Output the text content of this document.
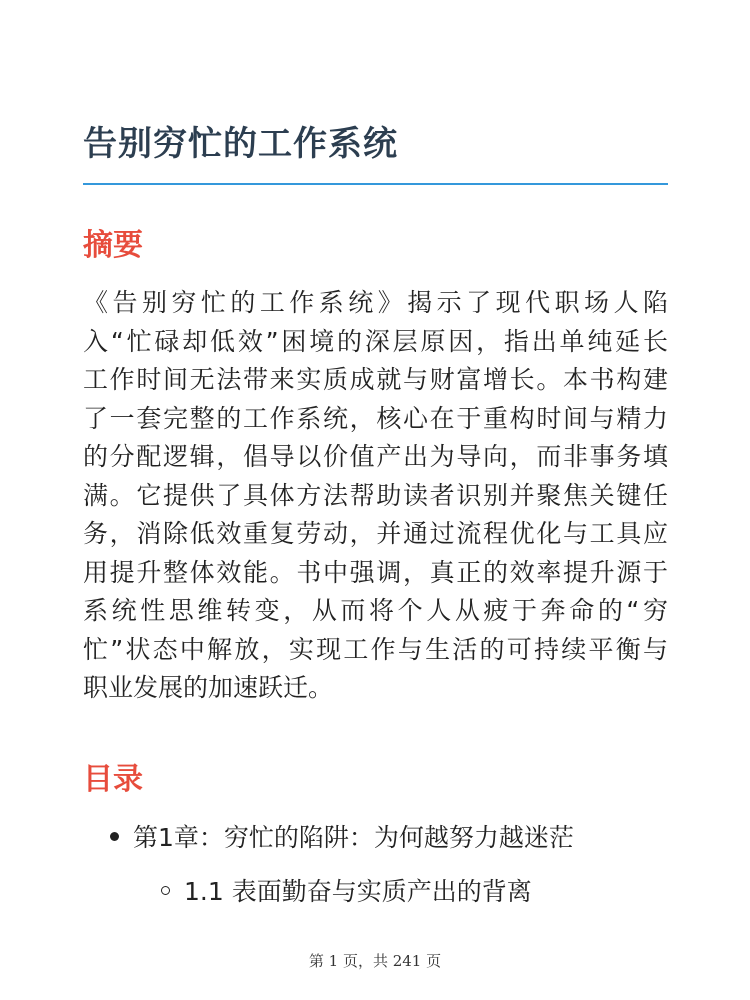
告别穷忙的工作系统
摘要
《告别穷忙的工作系统》揭示了现代职场人陷
入“忙碌却低效”困境的深层原因，指出单纯延长
工作时间无法带来实质成就与财富增长。本书构建
了一套完整的工作系统，核心在于重构时间与精力
的分配逻辑，倡导以价值产出为导向，而非事务填
满。它提供了具体方法帮助读者识别并聚焦关键任
务，消除低效重复劳动，并通过流程优化与工具应
用提升整体效能。书中强调，真正的效率提升源于
系统性思维转变，从而将个人从疲于奔命的“穷
忙”状态中解放，实现工作与生活的可持续平衡与
职业发展的加速跃迁。
目录
第1章：穷忙的陷阱：为何越努力越迷茫
1.1 表面勤奋与实质产出的背离
第 1 页，共 241 页
